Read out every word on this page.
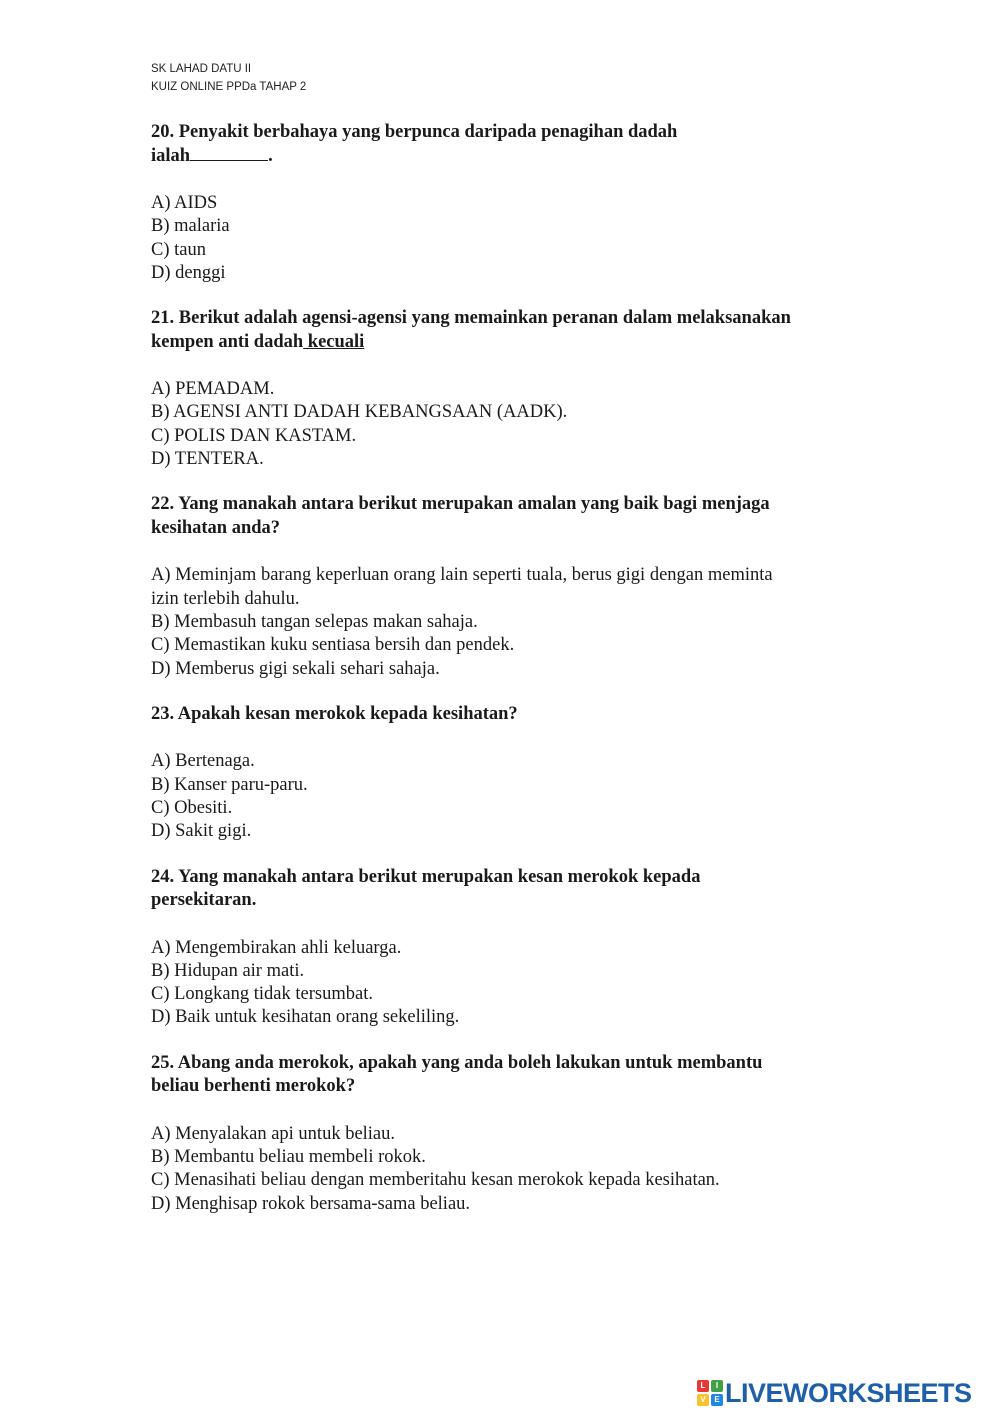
SK LAHAD DATU II
KUIZ ONLINE PPDa TAHAP 2
20. Penyakit berbahaya yang berpunca daripada penagihan dadah
ialah	.
A) AIDS
B) malaria
C) taun
D) denggi
21. Berikut adalah agensi-agensi yang memainkan peranan dalam melaksanakan
kempen anti dadah kecuali
A) PEMADAM.
B) AGENSI ANTI DADAH KEBANGSAAN (AADK).
C) POLIS DAN KASTAM.
D) TENTERA.
22. Yang manakah antara berikut merupakan amalan yang baik bagi menjaga
kesihatan anda?
A) Meminjam barang keperluan orang lain seperti tuala, berus gigi dengan meminta
izin terlebih dahulu.
B) Membasuh tangan selepas makan sahaja.
C) Memastikan kuku sentiasa bersih dan pendek.
D) Memberus gigi sekali sehari sahaja.
23. Apakah kesan merokok kepada kesihatan?
A) Bertenaga.
B) Kanser paru-paru.
C) Obesiti.
D) Sakit gigi.
24. Yang manakah antara berikut merupakan kesan merokok kepada
persekitaran.
A) Mengembirakan ahli keluarga.
B) Hidupan air mati.
C) Longkang tidak tersumbat.
D) Baik untuk kesihatan orang sekeliling.
25. Abang anda merokok, apakah yang anda boleh lakukan untuk membantu
beliau berhenti merokok?
A) Menyalakan api untuk beliau.
B) Membantu beliau membeli rokok.
C) Menasihati beliau dengan memberitahu kesan merokok kepada kesihatan.
D) Menghisap rokok bersama-sama beliau.
L	I
V	E LIVEWORKSHEETS
